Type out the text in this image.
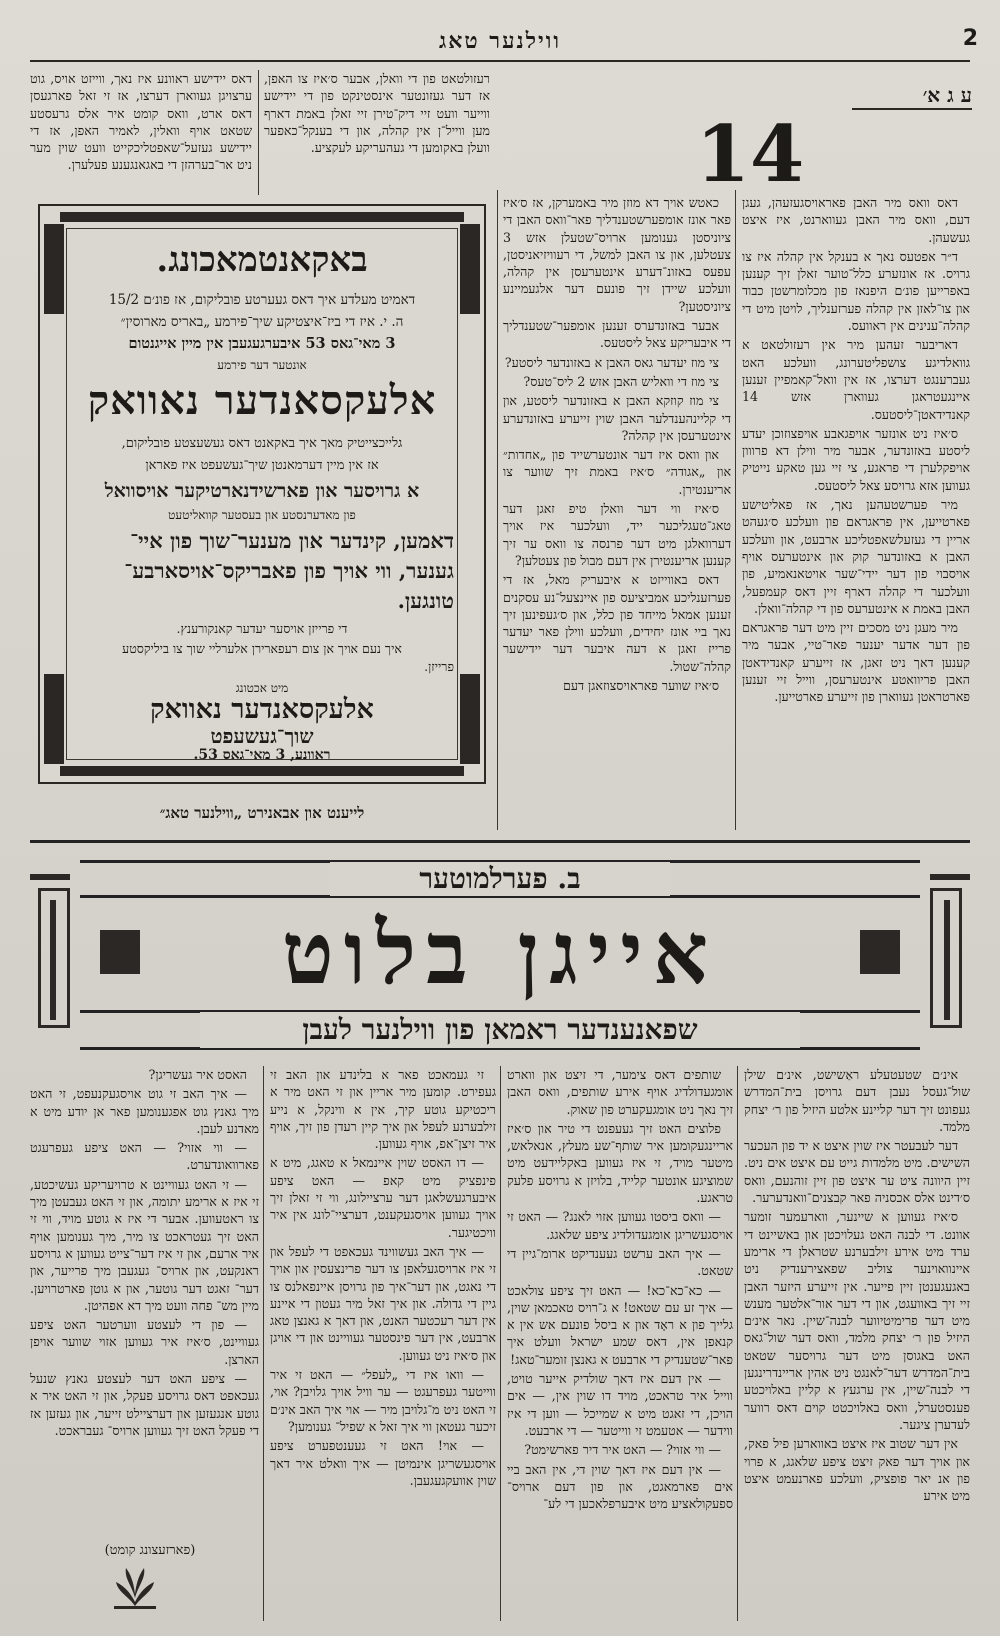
ווילנער טאג	2
ע ג א׳
14

דאס וואס מיר האבן פאראויסגעזעהן, געגן דעם, וואס מיר האבן געווארנט, איז איצט געשעהן.

ד״ר אפטעס נאך א בענקל אין קהלה איז צו גרויס. אז אונזערע כלל־טוער זאלן זיך קענען באפרייען פונ׳ם היפנאז פון מכלומרשטן כבוד און צו־לאזן אין קהלה פערזענליך, לויטן מיט די קהלה־ענינים אין ראוועס.

דאריבער זעהען מיר אין רעזולטאט א גוואלדיגע צושפליטערונג, וועלכע האט געברענגט דערצו, אז אין וואל־קאמפיין זענען איינגעטראגן געווארן אזש 14 קאנדידאטן־ליסטעס.

ס׳איז ניט אונזער אויפגאבע אויפצוזוכן יעדע ליסטע באזונדער, אבער מיר ווילן דא פרווון אויפקלערן די פראגע, צי זיי גען טאקע נייטיק געווען אזא גרויסע צאל ליסטעס.

מיר פערשטעהען נאך, אז פאליטישע פארטייען, אין פראגראם פון וועלכע ס׳געהט אריין די געזעלשאפטליכע ארבעט, און וועלכע האבן א באזונדער קוק און אינטערעס אויף אויסבוי פון דער יידי־שער אויטאנאמיע, פון וועלכער די קהלה דארף זיין דאס קעמפעל, האבן באמת א אינטערעס פון די קהלה־וואלן.

מיר מעגן ניט מסכים זיין מיט דער פראגראם פון דער אדער יענער פאר־טיי, אבער מיר קענען דאך ניט זאגן, אז זייערע קאנדידאטן האבן פריוואטע אינטערעסן, ווייל זיי זענען פארטראטן געווארן פון זייערע פארטייען.

כאטש אויך דא מוזן מיר באמערקן, אז ס׳איז פאר אונז אומפערשטענדליך פאר־וואס האבן די ציוניסטן גענומען ארויס־שטעלן אזש 3 צעטלען, און צו האבן למשל, די רעוויזיאניסטן, עפעס באזונ־דערע אינטערעסן אין קהלה, וועלכע שיידן זיך פונעם דער אלגעמיינע ציוניסטען?

אבער באזונדערס זענען אומפער־שטענדליך די איבעריקע צאל ליסטעס.

צי מוז יעדער גאס האבן א באזונדער ליסטע?

צי מוז די וואליש האבן אזש 2 ליס־טעס?

צי מוז קוזקא האבן א באזונדער ליסטע, און די קליינהענדלער האבן שוין זייערע באזונדערע אינטערעסן אין קהלה?

און וואס איז דער אונטערשייד פון „אחדות״ און „אגודה״ ס׳איז באמת זיך שווער צו אריענטירן.

ס׳איז ווי דער וואלן טיפ זאגן דער טאג־טעגליכער ייד, וועלכער איז אויך דערוואלגן מיט דער פרנסה צו וואס ער זיך קענען אריענטירן אין דעם מבול פון צעטלען?

דאס באווייזט א איבעריק מאל, אז די פערזענליכע אמביציעס פון איינצעל־נע עסקנים זענען אמאל מייחד פון כלל, און ס׳געפינען זיך נאך ביי אונז יחידים, וועלכע ווילן פאר יעדער פרייז זאגן א דעה איבער דער יידישער קהלה־שטול.

ס׳איז שווער פאראויסצוזאגן דעם

רעזולטאט פון די וואלן, אבער ס׳איז צו האפן, אז דער געזונטער אינסטינקט פון די יידישע ווייער וועט זיי דיק־טירן זיי זאלן באמת דארף מען ווייל־ן אין קהלה, און די בענקל־כאפער וועלן באקומען די געהעריקע לעקציע.
דאס יידישע ראוונע איז נאך, ווייזט אויס, גוט ערצויגן געווארן דערצו, אז זי זאל פארגעסן דאס ארט, וואס קומט איר אלס גרעסטע שטאט אויף וואלין, לאמיר האפן, אז די יידישע געזעל־שאפטליכקייט וועט שוין מער ניט אר־בערהזן די באגאנגענע פעלערן.
באקאנטמאכונג.
דאמיט מעלדע איך דאס געערטע פובליקום, אז פונ׳ם 15/2
ה. י. איז די ביז־איצטיקע שיך־פירמע „באריס מארוסין״
3 מאי־גאס 53 איבערגעגעבן אין מיין אייגנטום
אונטער דער פירמע
אלעקסאנדער נאוואק
גלייכצייטיק מאך איך באקאנט דאס געשעצטע פובליקום,
אז אין מיין דערמאנטן שיך־געשעפט איז פאראן
א גרויסער און פארשידנארטיקער אויסוואל
פון מאדערנסטע און בעסטער קוואליטעט
דאמען, קינדער און מענער־שוך פון איי־
גענער, ווי אויך פון פאבריקס־אויסארבע־
טונגען.
די פרייזן אויסער יעדער קאנקורענץ.
איך נעם אויך אן צום רעפארירן אלערליי שוך צו ביליקסטע
פרייזן.
מיט אכטונג
אלעקסאנדער נאוואק
שוך־געשעפט
ראוונע, 3 מאי־גאס 53.
לייענט און אבאנירט „ווילנער טאג״
ב. פערלמוטער
אייגן בלוט
שפאנענדער ראמאן פון ווילנער לעבן

אינ׳ם שטעטעלע ראַשישט, אינ׳ם שילן שול־געסל נעבן דעם גרויסן בית־המדרש געפונט זיך דער קליינע אלטע היזיל פון ר׳ יצחק מלמד.

דער לעבעטר איז שוין איצט א יד פון העכער השישים. מיט מלמדות גייט עם איצט אים ניט. זיין היוונה ציט ער איצט פון זיין זוהנעם, וואס ס׳דינט אלס אכסניה פאר קבצנים־וואנדערער.

ס׳איז געווען א שיינער, ווארעמער זומער אוונט. די לבנה האט געלויכטן און באשיינט די ערד מיט אירע זילבערנע שטראלן די ארימע איינוואוינער צוליב שפאצירענדיק ניט באגעגענטן זיין פייער. אין זייערע היזער האבן זיי זיך באוועגט, און די דער אור־אלטער מענש מיט דער פרימיטיווער לבנה־שיין. נאר אינ׳ם היזיל פון ר׳ יצחק מלמד, וואס דער שול־גאס האט באגוסן מיט דער גרויסער שטאט בית־המדרש דער־לאנגט ניט אהין אריינדרינגען די לבנה־שיין, אין ערגעץ א קליין באלויכטע פענסטערל, וואס באלויכטט קוים דאס רווער לעדערן ציגער.

אין דער שטוב איז איצט באווארען פיל פאק, און אויך דער פאק זיצט ציפע שלאגג, א פרוי פון אנ יאר פופציק, וועלכע פארנעמט איצט מיט אירע

שותפים דאס צימער, די זיצט און ווארט אומגעדולדיג אויף אירע שותפים, וואס האבן זיך נאך ניט אומגעקערט פון שאוק.

פלוצים האט זיך געעפנט די טיר און ס׳איז אריינגעקומען איר שותף־שע מעלץ, אנאלאש, מיטער מויד, זי איז געווען באקליידעט מיט שמוציגע אונטער קלייד, בלויזן א גרויסע פלעק טראגע.

— וואס ביסטו געווען אזוי לאנג? — האט זי אויסגעשריגן אומגעדולדיג ציפע שלאגג.

— איך האב ערשט געענדיקט ארומ־גיין די שטאט.

— כא־כא־כא! — האט זיך ציפע צולאכט — איך זע עם שטאט! א ג־רויס טאכמאן שוין, גלייך פון א ראָד און א ביסל פונעם אש אין א קנאפן אין, דאס שמע ישראל וועלט איך פאר־שטענדיק די ארבעט א גאנצן זומער־טאג!

— אין דעם איז דאך שולדיק אייער טויט, ווייל איר טראכט, מויד דו שוין אין, — אים הויכן, די זאגט מיט א שמייכל — ווען די איז ווידער — אטעמט זי ווייטער — די ארבעט.

— ווי אזוי? — האט איר דיר פארשימט?

— אין דעם איז דאך שוין די, אין האב ביי אים פארמאגט, און פון דעם ארויס־ ספעקולאציע מיט איבערפלאכען די לע־

זי געמאכט פאר א בלינדע און האב זי געפירט. קומען מיר אריין און זי האט מיר א ריכטיקע גוטע קיך, אין א ווינקל, א נייע זילבערנע לעפל און איך קיין רעדן פון זיך, אויף איר זיצן־אפ, אויף געווען.

— דו האסט שוין איינמאל א טאגג, מיט א פינפציק מיט קאפ — האט ציפע איבערגעשלאגן דער ערציילונג, ווי זי זאלן זיך אויך געווען אויסגעקענט, דערציי־לונג אין איר וויכטיגער.

— איך האב געשווינד געכאפט די לעפל און זי איז ארויסגעלאפן צו דער פרינצעסין און אויך די נאגט, און דער־איך פון גרויסן איינפאלנס צו גיין די גדולה. און איך זאל מיר געטון די איינע אין דער רעכטער האנט, און דאך א גאנצן טאג ארבעט, אין דער פינסטער געוויינט און די אויגן און ס׳איז ניט געווען.

— וואו איז די „לעפל״ — האט זי איר ווייטער געפרעגט — ער וויל אויך גלויבן? אוי, זי האט ניט מ־גלויבן מיר — אוי איך האב אינ׳ם זיכער געטאן ווי איך זאל א שפיל־ גענומען?

— אוי! האט זי געענטפערט ציפע אויסגעשריגן אינמיטן — איך וואלט איר דאך שוין אוועקגעגעבן.

האסט איר געשריגן?

— איך האב זי גוט אויסגעקנעפט, זי האט מיך גאנץ גוט אפגענומען פאר אן יודע מיט א מאדנע לעבן.

— ווי אזוי? — האט ציפע געפרעגט פארוואונדערט.

— זי האט געוויינט א טרויעריקע געשיכטע, זי איז א ארימע יתומה, און זי האט געבעטן מיך צו ראטעווען. אבער די איז א גוטע מויד, ווי זי האט זיך געטראכט צו מיר, מיך גענומען אויף איר ארעם, און זי איז דער־צייט געווען א גרויסע ראנקעט, און ארויס־ געגעבן מיך פרייער, און דער־ זאגט דער גוטער, און א גוטן פארטרויען. מיין מש־ פחה וועט מיך דא אפהיטן.

— פון די לעצטע ווערטער האט ציפע געוויינט, ס׳איז איר געווען אזוי שווער אויפן הארצן.

— ציפע האט דער לעצטע גאנץ שנעל געכאפט דאס גרויסע פעקל, און זי האט איר א גוטע אנגעזען און דערציילט זייער, און געזען אז די פעקל האט זיך געווען ארויס־ געבראכט.

(פארזעצונג קומט)
